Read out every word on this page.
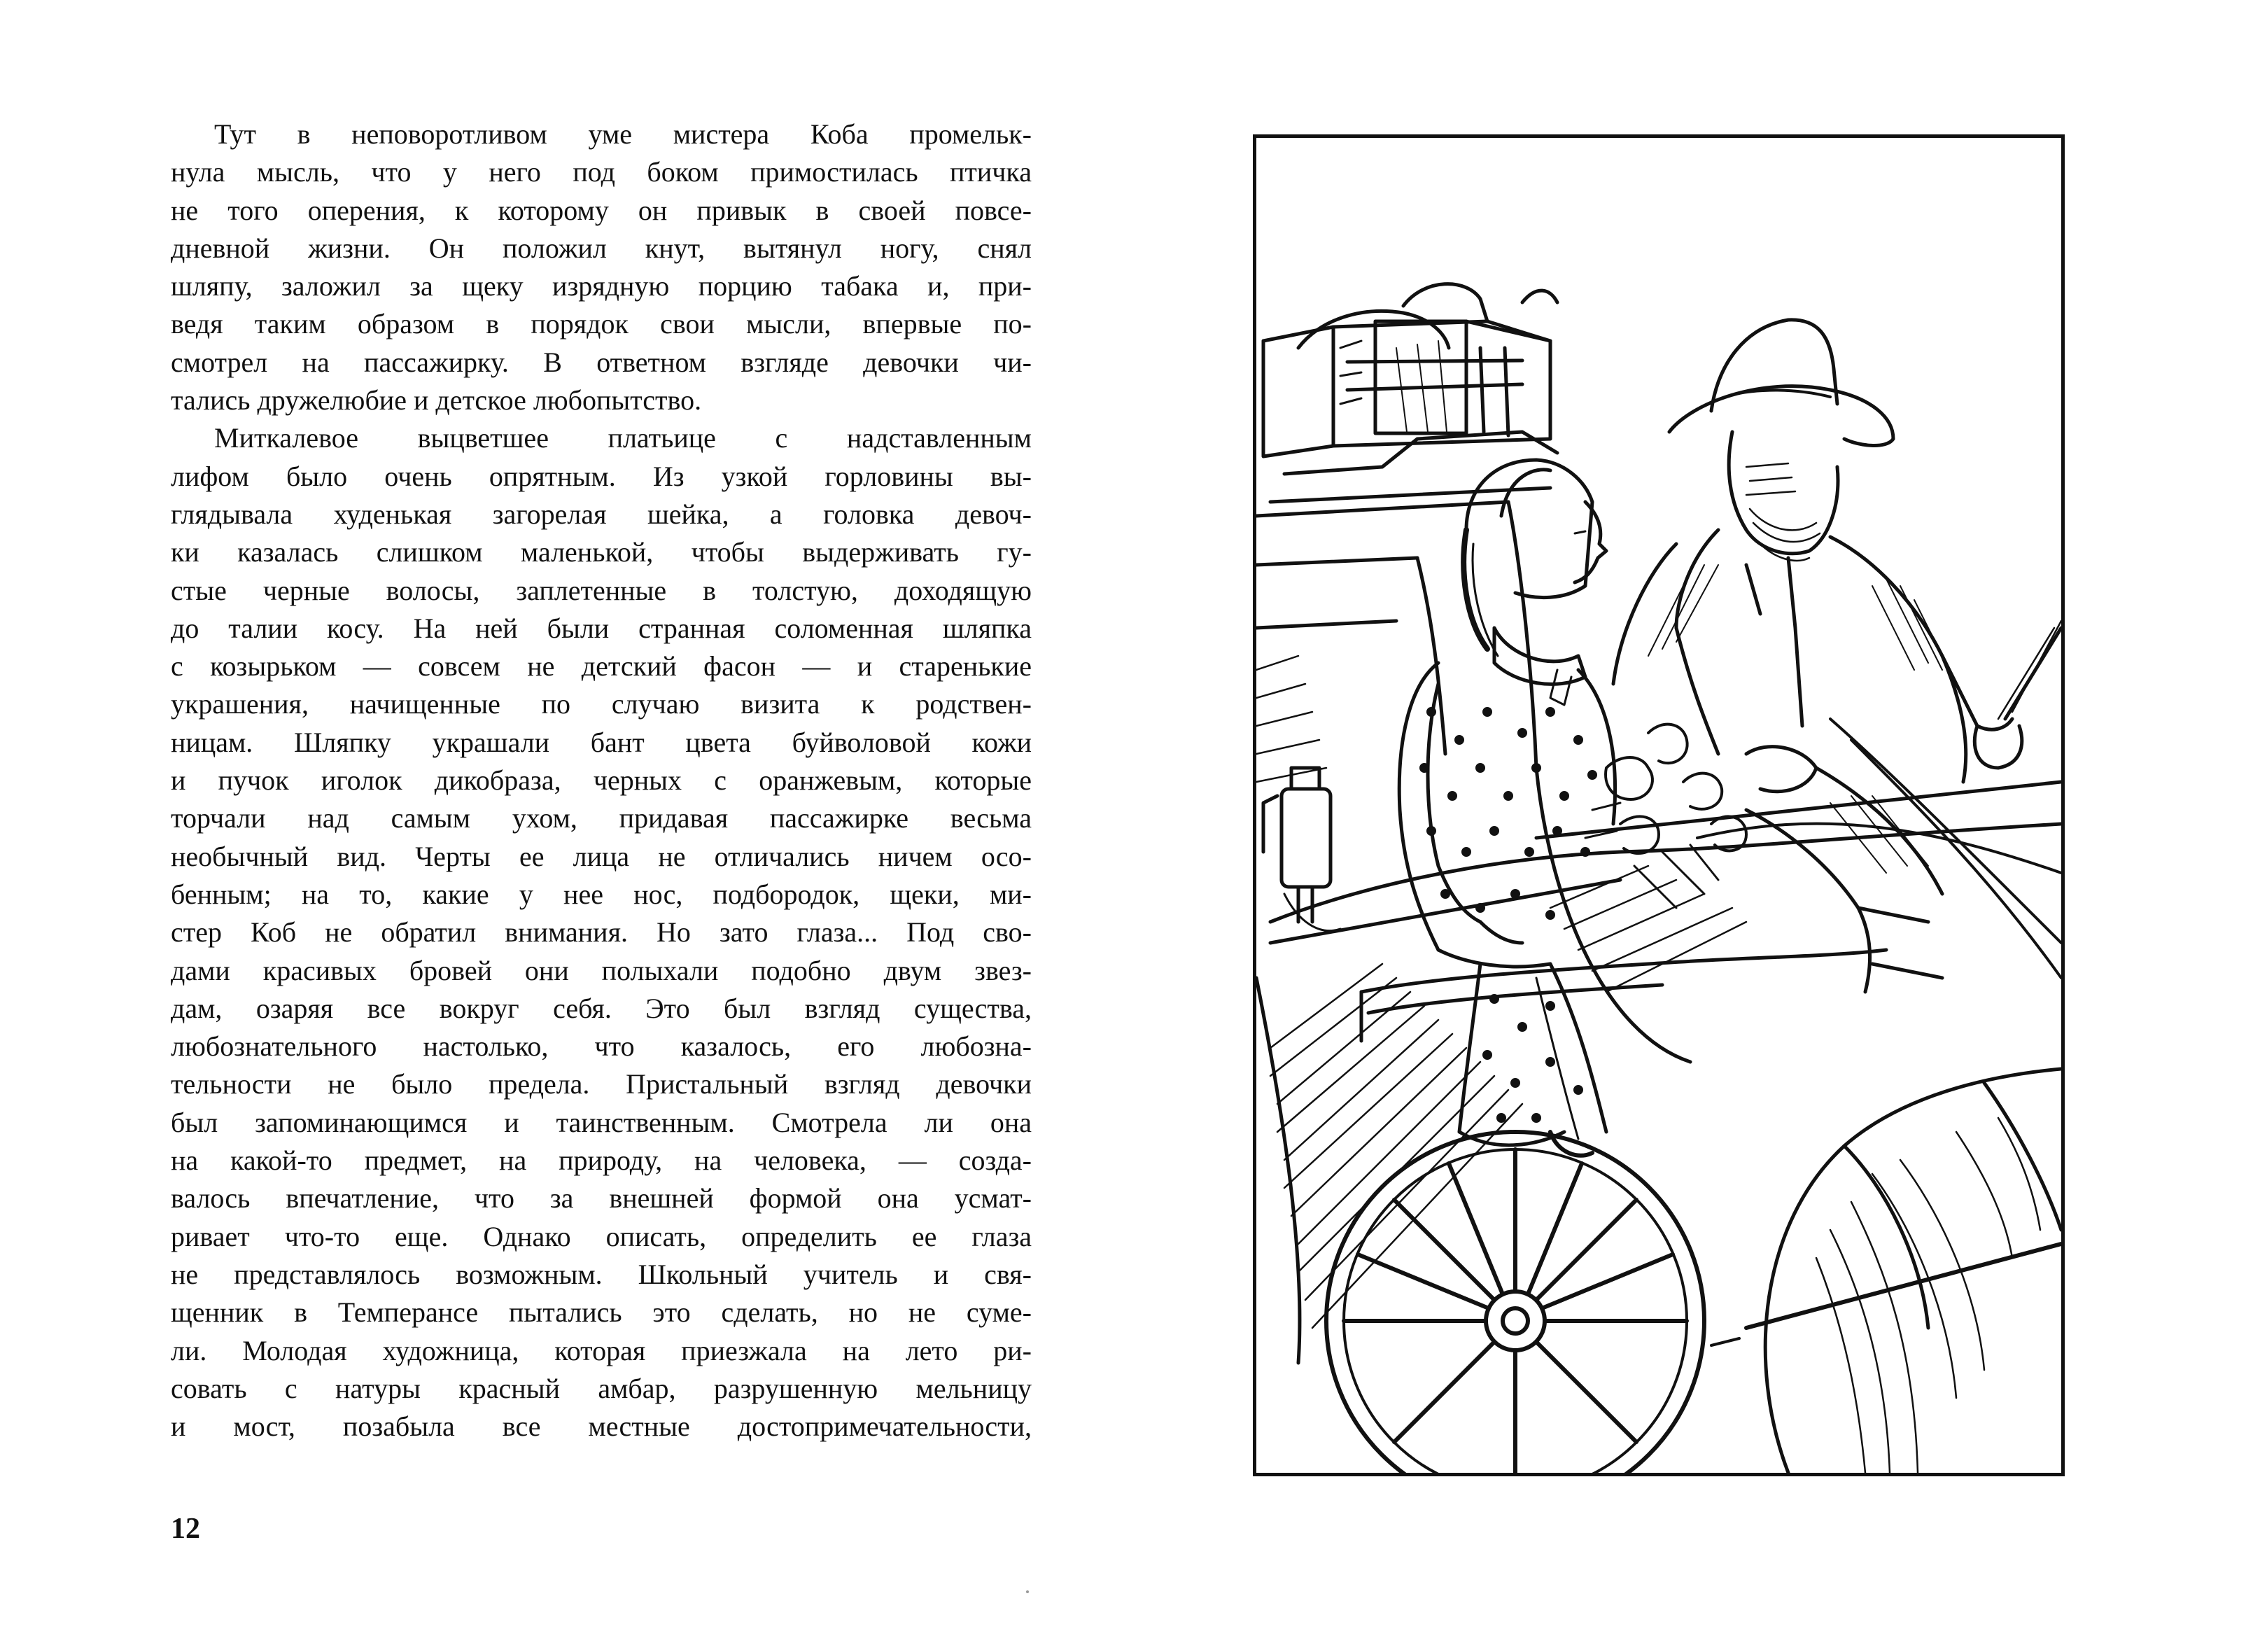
Тут в неповоротливом уме мистера Коба промельк-
нула мысль, что у него под боком примостилась птичка
не того оперения, к которому он привык в своей повсе-
дневной жизни. Он положил кнут, вытянул ногу, снял
шляпу, заложил за щеку изрядную порцию табака и, при-
ведя таким образом в порядок свои мысли, впервые по-
смотрел на пассажирку. В ответном взгляде девочки чи-
тались дружелюбие и детское любопытство.
Миткалевое выцветшее платьице с надставленным
лифом было очень опрятным. Из узкой горловины вы-
глядывала худенькая загорелая шейка, а головка девоч-
ки казалась слишком маленькой, чтобы выдерживать гу-
стые черные волосы, заплетенные в толстую, доходящую
до талии косу. На ней были странная соломенная шляпка
с козырьком — совсем не детский фасон — и старенькие
украшения, начищенные по случаю визита к родствен-
ницам. Шляпку украшали бант цвета буйволовой кожи
и пучок иголок дикобраза, черных с оранжевым, которые
торчали над самым ухом, придавая пассажирке весьма
необычный вид. Черты ее лица не отличались ничем осо-
бенным; на то, какие у нее нос, подбородок, щеки, ми-
стер Коб не обратил внимания. Но зато глаза... Под сво-
дами красивых бровей они полыхали подобно двум звез-
дам, озаряя все вокруг себя. Это был взгляд существа,
любознательного настолько, что казалось, его любозна-
тельности не было предела. Пристальный взгляд девочки
был запоминающимся и таинственным. Смотрела ли она
на какой-то предмет, на природу, на человека, — созда-
валось впечатление, что за внешней формой она усмат-
ривает что-то еще. Однако описать, определить ее глаза
не представлялось возможным. Школьный учитель и свя-
щенник в Темперансе пытались это сделать, но не суме-
ли. Молодая художница, которая приезжала на лето ри-
совать с натуры красный амбар, разрушенную мельницу
и мост, позабыла все местные достопримечательности,
12
